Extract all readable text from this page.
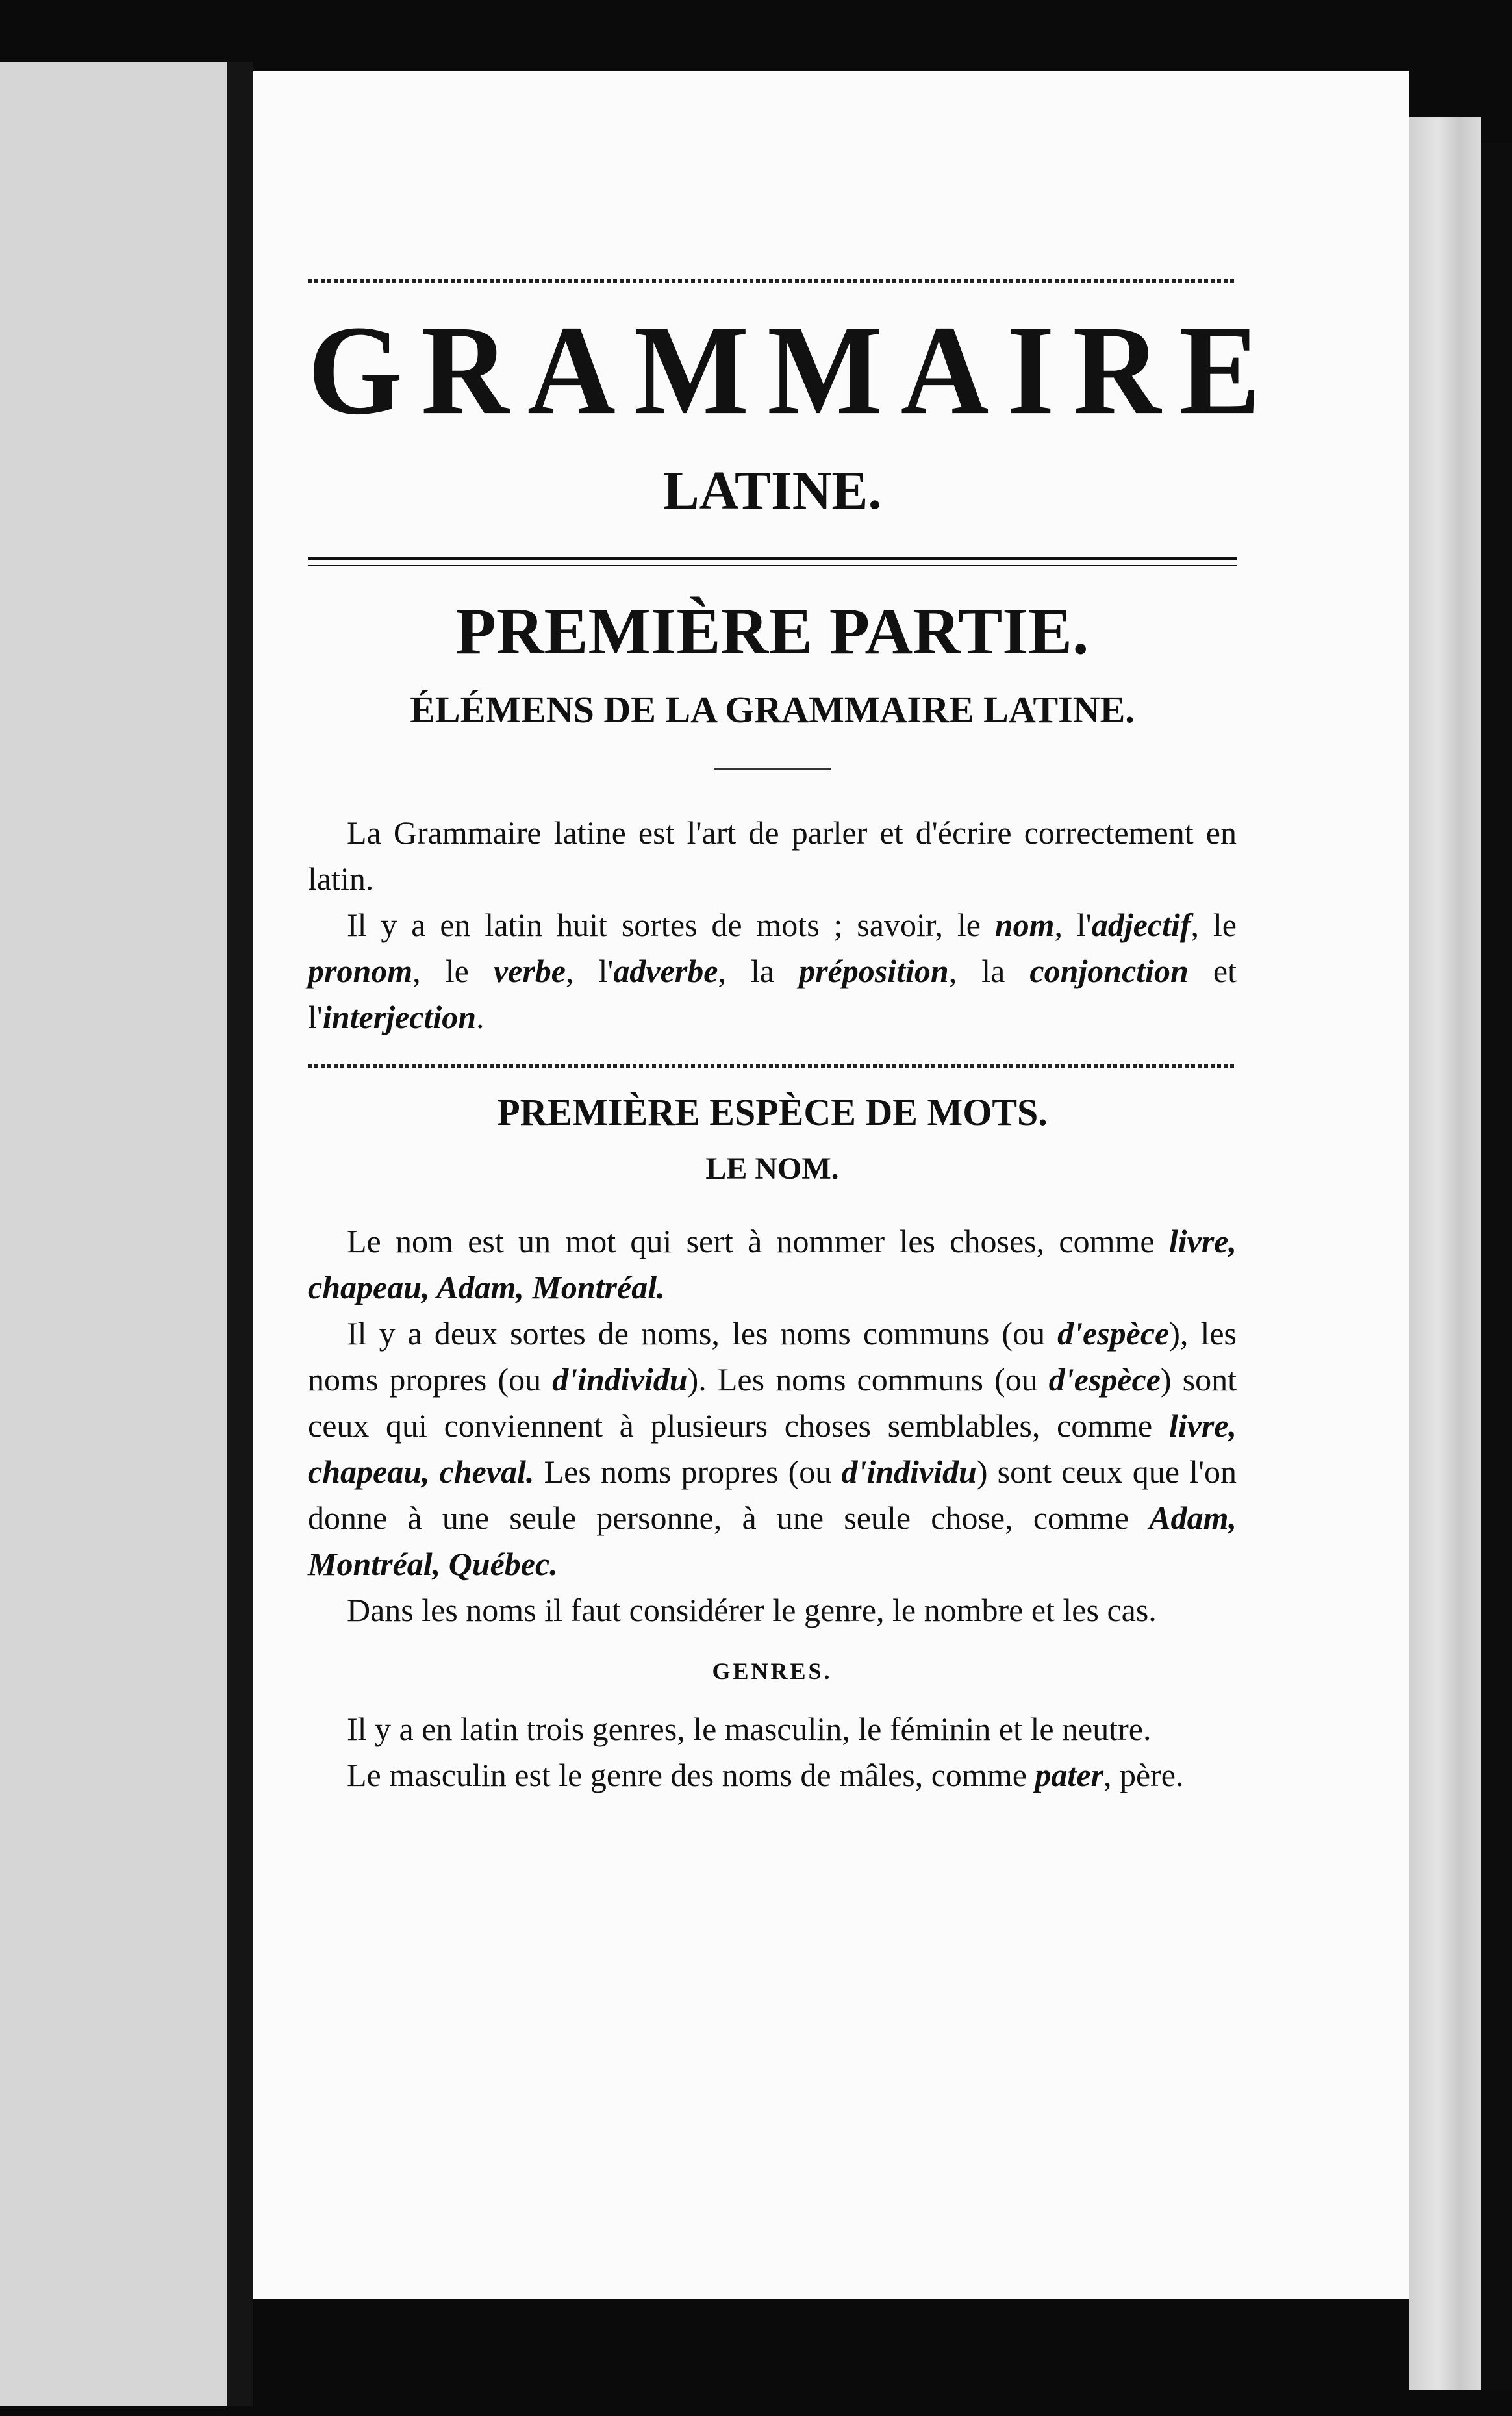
GRAMMAIRE
LATINE.
PREMIÈRE PARTIE.
ÉLÉMENS DE LA GRAMMAIRE LATINE.

La Grammaire latine est l'art de parler et d'écrire correctement en latin.

Il y a en latin huit sortes de mots ; savoir, le nom, l'adjectif, le pronom, le verbe, l'adverbe, la préposition, la conjonction et l'interjection.

PREMIÈRE ESPÈCE DE MOTS.
LE NOM.

Le nom est un mot qui sert à nommer les choses, comme livre, chapeau, Adam, Montréal.

Il y a deux sortes de noms, les noms communs (ou d'espèce), les noms propres (ou d'individu). Les noms communs (ou d'espèce) sont ceux qui conviennent à plusieurs choses semblables, comme livre, chapeau, cheval. Les noms propres (ou d'individu) sont ceux que l'on donne à une seule personne, à une seule chose, comme Adam, Montréal, Québec.

Dans les noms il faut considérer le genre, le nombre et les cas.

GENRES.

Il y a en latin trois genres, le masculin, le féminin et le neutre.

Le masculin est le genre des noms de mâles, comme pater, père.
